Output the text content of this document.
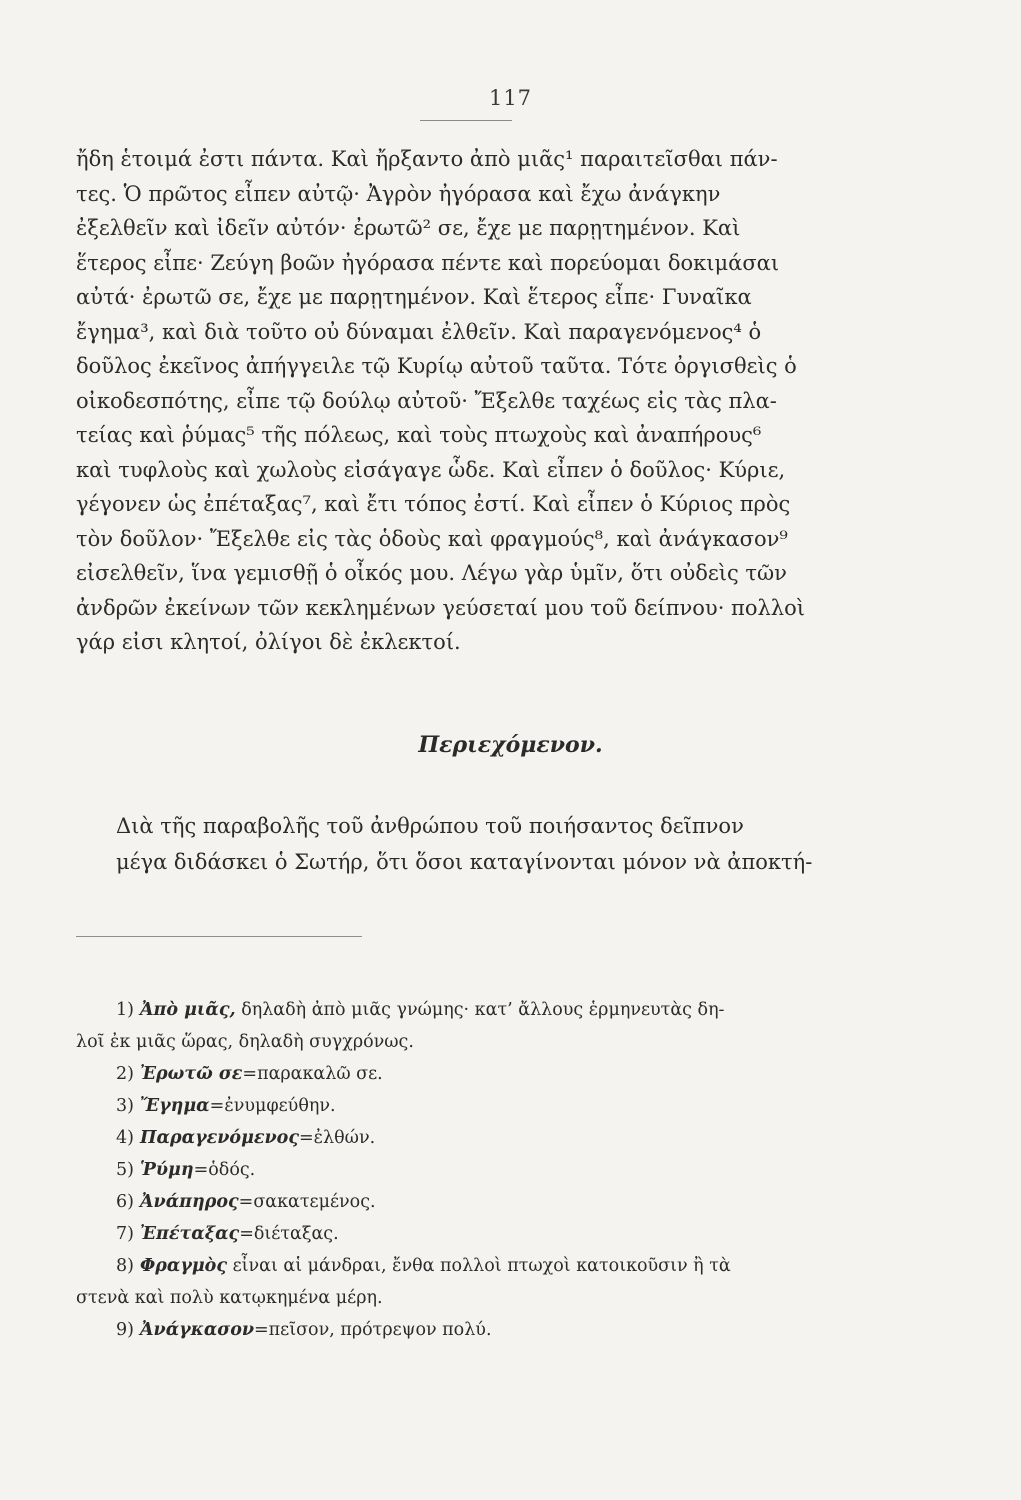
117
ἤδη ἑτοιμά ἐστι πάντα. Καὶ ἤρξαντο ἀπὸ μιᾶς¹ παραιτεῖσθαι πάν-
τες. Ὁ πρῶτος εἶπεν αὐτῷ· Ἀγρὸν ἠγόρασα καὶ ἔχω ἀνάγκην
ἐξελθεῖν καὶ ἰδεῖν αὐτόν· ἐρωτῶ² σε, ἔχε με παρῃτημένον. Καὶ
ἕτερος εἶπε· Ζεύγη βοῶν ἠγόρασα πέντε καὶ πορεύομαι δοκιμάσαι
αὐτά· ἐρωτῶ σε, ἔχε με παρῃτημένον. Καὶ ἕτερος εἶπε· Γυναῖκα
ἔγημα³, καὶ διὰ τοῦτο οὐ δύναμαι ἐλθεῖν. Καὶ παραγενόμενος⁴ ὁ
δοῦλος ἐκεῖνος ἀπήγγειλε τῷ Κυρίῳ αὐτοῦ ταῦτα. Τότε ὀργισθεὶς ὁ
οἰκοδεσπότης, εἶπε τῷ δούλῳ αὐτοῦ· Ἔξελθε ταχέως εἰς τὰς πλα-
τείας καὶ ῥύμας⁵ τῆς πόλεως, καὶ τοὺς πτωχοὺς καὶ ἀναπήρους⁶
καὶ τυφλοὺς καὶ χωλοὺς εἰσάγαγε ὧδε. Καὶ εἶπεν ὁ δοῦλος· Κύριε,
γέγονεν ὡς ἐπέταξας⁷, καὶ ἔτι τόπος ἐστί. Καὶ εἶπεν ὁ Κύριος πρὸς
τὸν δοῦλον· Ἔξελθε εἰς τὰς ὁδοὺς καὶ φραγμούς⁸, καὶ ἀνάγκασον⁹
εἰσελθεῖν, ἵνα γεμισθῇ ὁ οἶκός μου. Λέγω γὰρ ὑμῖν, ὅτι οὐδεὶς τῶν
ἀνδρῶν ἐκείνων τῶν κεκλημένων γεύσεταί μου τοῦ δείπνου· πολλοὶ
γάρ εἰσι κλητοί, ὀλίγοι δὲ ἐκλεκτοί.
Περιεχόμενον.
Διὰ τῆς παραβολῆς τοῦ ἀνθρώπου τοῦ ποιήσαντος δεῖπνον
μέγα διδάσκει ὁ Σωτήρ, ὅτι ὅσοι καταγίνονται μόνον νὰ ἀποκτή-
1) Ἀπὸ μιᾶς, δηλαδὴ ἀπὸ μιᾶς γνώμης· κατ’ ἄλλους ἑρμηνευτὰς δη-
λοῖ ἐκ μιᾶς ὥρας, δηλαδὴ συγχρόνως.
2) Ἐρωτῶ σε=παρακαλῶ σε.
3) Ἔγημα=ἐνυμφεύθην.
4) Παραγενόμενος=ἐλθών.
5) Ῥύμη=ὁδός.
6) Ἀνάπηρος=σακατεμένος.
7) Ἐπέταξας=διέταξας.
8) Φραγμὸς εἶναι αἱ μάνδραι, ἔνθα πολλοὶ πτωχοὶ κατοικοῦσιν ἢ τὰ
στενὰ καὶ πολὺ κατῳκημένα μέρη.
9) Ἀνάγκασον=πεῖσον, πρότρεψον πολύ.
